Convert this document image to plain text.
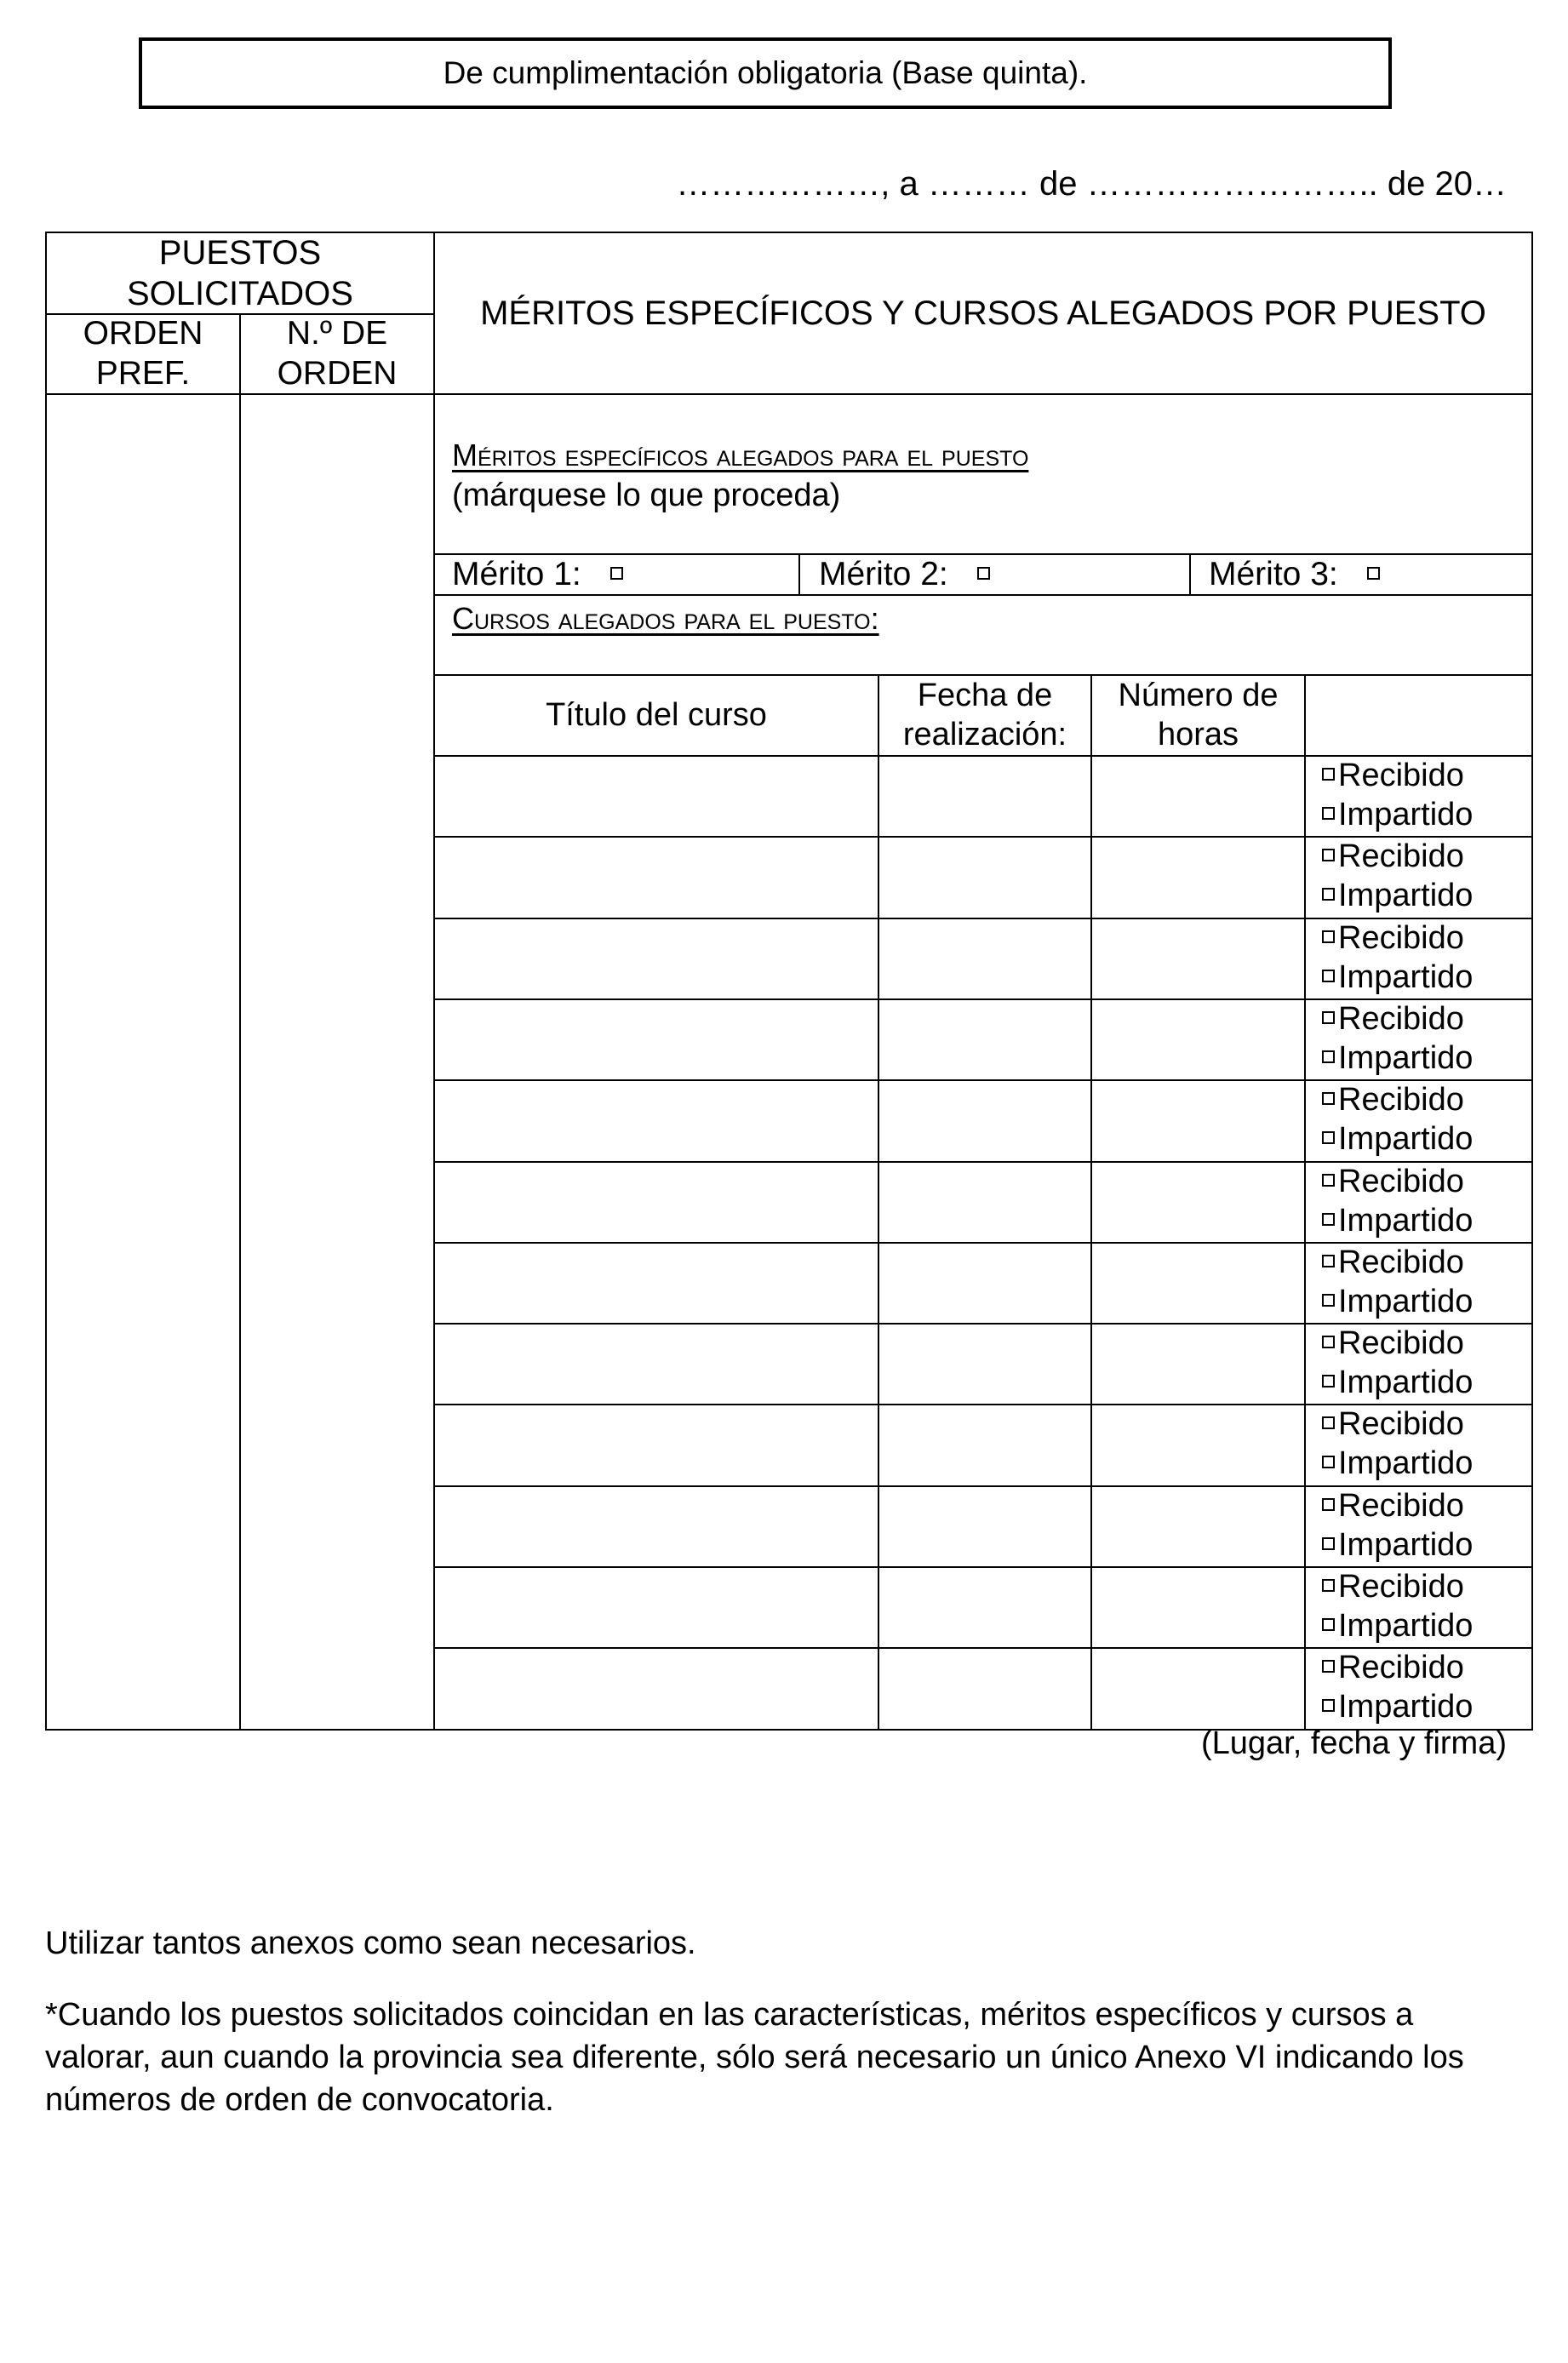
De cumplimentación obligatoria (Base quinta).
………………, a ……… de …………………….. de 20…
PUESTOS SOLICITADOS
ORDEN PREF.
N.º DE ORDEN
MÉRITOS ESPECÍFICOS Y CURSOS ALEGADOS POR PUESTO
Méritos específicos alegados para el puesto
(márquese lo que proceda)
Mérito 1:	Mérito 2:	Mérito 3:
Cursos alegados para el puesto:
Título del curso
Fecha de realización:
Número de horas
Recibido
Impartido
Recibido
Impartido
Recibido
Impartido
Recibido
Impartido
Recibido
Impartido
Recibido
Impartido
Recibido
Impartido
Recibido
Impartido
Recibido
Impartido
Recibido
Impartido
Recibido
Impartido
Recibido
Impartido
(Lugar, fecha y firma)
Utilizar tantos anexos como sean necesarios.
*Cuando los puestos solicitados coincidan en las características, méritos específicos y cursos a valorar, aun cuando la provincia sea diferente, sólo será necesario un único Anexo VI indicando los números de orden de convocatoria.
